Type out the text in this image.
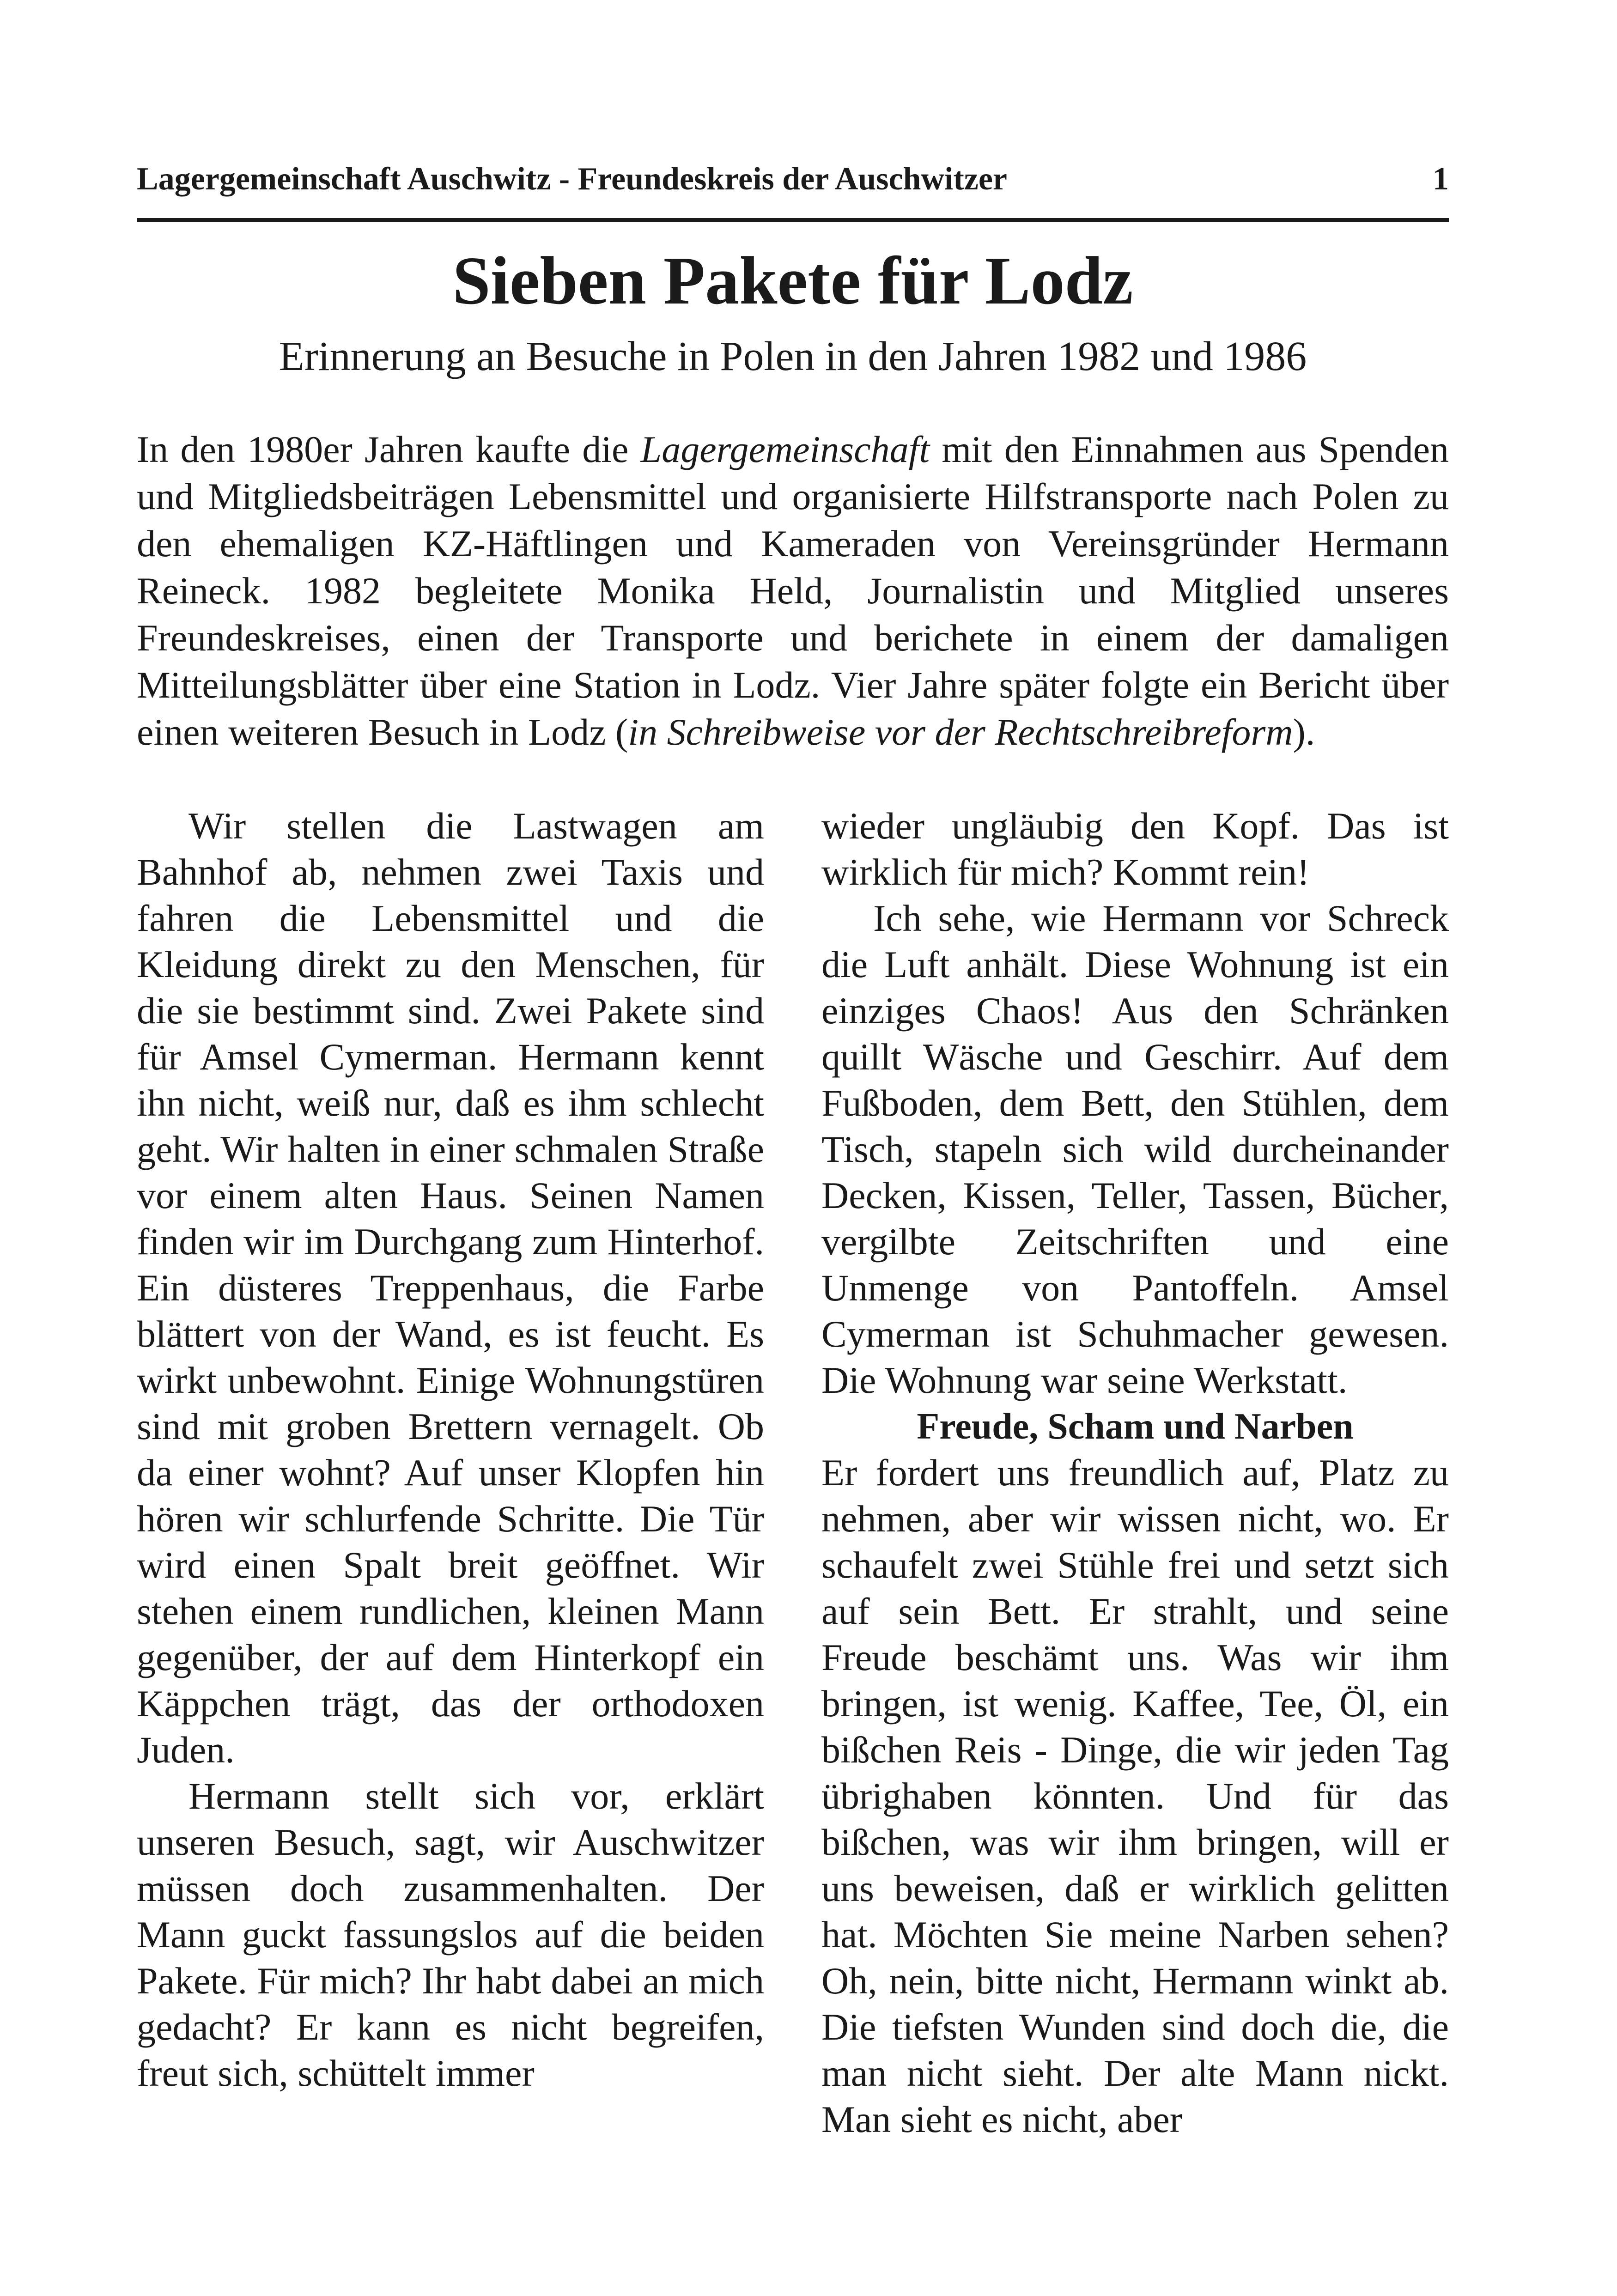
Lagergemeinschaft Auschwitz - Freundeskreis der Auschwitzer	1
Sieben Pakete für Lodz
Erinnerung an Besuche in Polen in den Jahren 1982 und 1986

In den 1980er Jahren kaufte die Lagergemeinschaft mit den Einnahmen aus Spenden und Mitgliedsbeiträgen Lebensmittel und organisierte Hilfstransporte nach Polen zu den ehemaligen KZ-Häftlingen und Kameraden von Vereinsgründer Hermann Reineck. 1982 begleitete Monika Held, Journalistin und Mitglied unseres Freundeskreises, einen der Transporte und berichete in einem der damaligen Mitteilungsblätter über eine Station in Lodz. Vier Jahre später folgte ein Bericht über einen weiteren Besuch in Lodz (in Schreibweise vor der Rechtschreibreform).

Wir stellen die Lastwagen am Bahnhof ab, nehmen zwei Taxis und fahren die Lebensmittel und die Kleidung direkt zu den Menschen, für die sie bestimmt sind. Zwei Pakete sind für Amsel Cymerman. Hermann kennt ihn nicht, weiß nur, daß es ihm schlecht geht. Wir halten in einer schmalen Straße vor einem alten Haus. Seinen Namen finden wir im Durchgang zum Hinterhof. Ein düsteres Treppenhaus, die Farbe blättert von der Wand, es ist feucht. Es wirkt unbewohnt. Einige Wohnungstüren sind mit groben Brettern vernagelt. Ob da einer wohnt? Auf unser Klopfen hin hören wir schlurfende Schritte. Die Tür wird einen Spalt breit geöffnet. Wir stehen einem rundlichen, kleinen Mann gegenüber, der auf dem Hinterkopf ein Käppchen trägt, das der orthodoxen Juden.

Hermann stellt sich vor, erklärt unseren Besuch, sagt, wir Auschwitzer müssen doch zusammenhalten. Der Mann guckt fassungslos auf die beiden Pakete. Für mich? Ihr habt dabei an mich gedacht? Er kann es nicht begreifen, freut sich, schüttelt immer

wieder ungläubig den Kopf. Das ist wirklich für mich? Kommt rein!

Ich sehe, wie Hermann vor Schreck die Luft anhält. Diese Wohnung ist ein einziges Chaos! Aus den Schränken quillt Wäsche und Geschirr. Auf dem Fußboden, dem Bett, den Stühlen, dem Tisch, stapeln sich wild durcheinander Decken, Kissen, Teller, Tassen, Bücher, vergilbte Zeitschriften und eine Unmenge von Pantoffeln. Amsel Cymerman ist Schuhmacher gewesen. Die Wohnung war seine Werkstatt.

Freude, Scham und Narben

Er fordert uns freundlich auf, Platz zu nehmen, aber wir wissen nicht, wo. Er schaufelt zwei Stühle frei und setzt sich auf sein Bett. Er strahlt, und seine Freude beschämt uns. Was wir ihm bringen, ist wenig. Kaffee, Tee, Öl, ein bißchen Reis - Dinge, die wir jeden Tag übrighaben könnten. Und für das bißchen, was wir ihm bringen, will er uns beweisen, daß er wirklich gelitten hat. Möchten Sie meine Narben sehen? Oh, nein, bitte nicht, Hermann winkt ab. Die tiefsten Wunden sind doch die, die man nicht sieht. Der alte Mann nickt. Man sieht es nicht, aber
